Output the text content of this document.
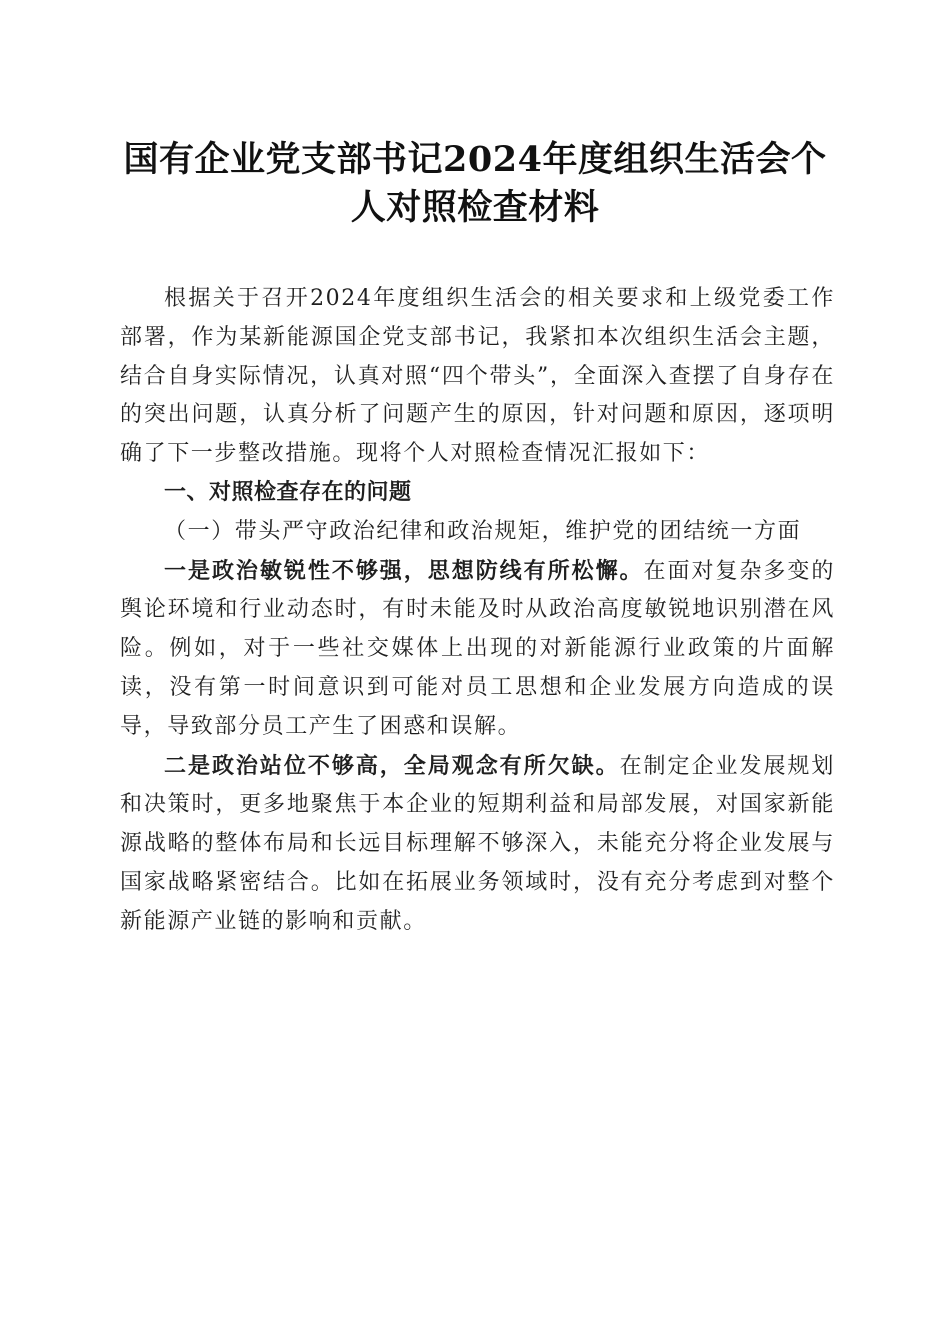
国有企业党支部书记2024年度组织生活会个
人对照检查材料

根据关于召开2024年度组织生活会的相关要求和上级党委工作部署，作为某新能源国企党支部书记，我紧扣本次组织生活会主题，结合自身实际情况，认真对照“四个带头”，全面深入查摆了自身存在的突出问题，认真分析了问题产生的原因，针对问题和原因，逐项明确了下一步整改措施。现将个人对照检查情况汇报如下：

一、对照检查存在的问题

（一）带头严守政治纪律和政治规矩，维护党的团结统一方面

一是政治敏锐性不够强，思想防线有所松懈。在面对复杂多变的舆论环境和行业动态时，有时未能及时从政治高度敏锐地识别潜在风险。例如，对于一些社交媒体上出现的对新能源行业政策的片面解读，没有第一时间意识到可能对员工思想和企业发展方向造成的误导，导致部分员工产生了困惑和误解。

二是政治站位不够高，全局观念有所欠缺。在制定企业发展规划和决策时，更多地聚焦于本企业的短期利益和局部发展，对国家新能源战略的整体布局和长远目标理解不够深入，未能充分将企业发展与国家战略紧密结合。比如在拓展业务领域时，没有充分考虑到对整个新能源产业链的影响和贡献。
